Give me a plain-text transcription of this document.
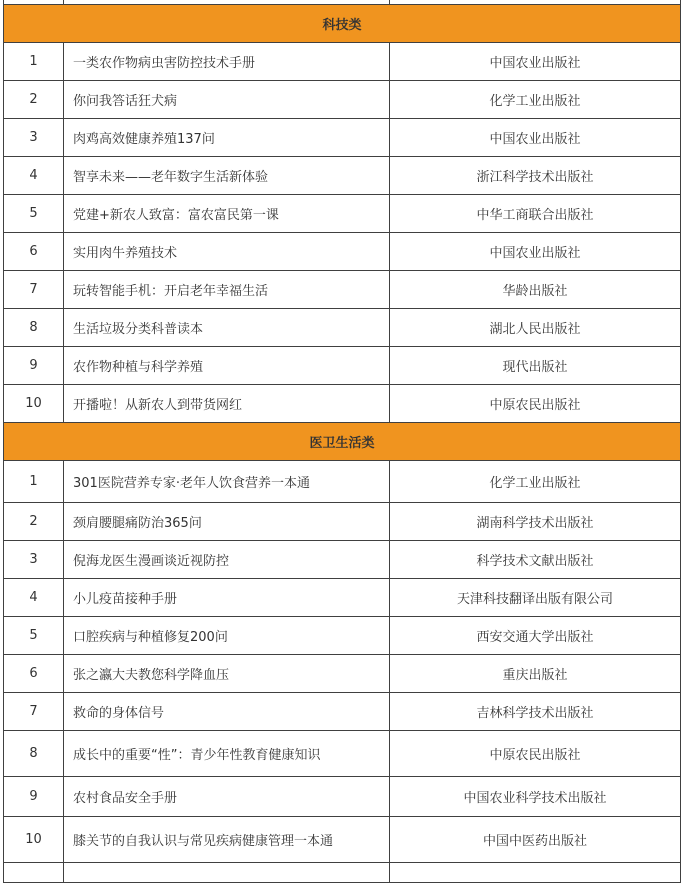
科技类		
1	一类农作物病虫害防控技术手册	中国农业出版社
2	你问我答话狂犬病	化学工业出版社
3	肉鸡高效健康养殖137问	中国农业出版社
4	智享未来——老年数字生活新体验	浙江科学技术出版社
5	党建+新农人致富：富农富民第一课	中华工商联合出版社
6	实用肉牛养殖技术	中国农业出版社
7	玩转智能手机：开启老年幸福生活	华龄出版社
8	生活垃圾分类科普读本	湖北人民出版社
9	农作物种植与科学养殖	现代出版社
10	开播啦！从新农人到带货网红	中原农民出版社
医卫生活类		
1	301医院营养专家·老年人饮食营养一本通	化学工业出版社
2	颈肩腰腿痛防治365问	湖南科学技术出版社
3	倪海龙医生漫画谈近视防控	科学技术文献出版社
4	小儿疫苗接种手册	天津科技翻译出版有限公司
5	口腔疾病与种植修复200问	西安交通大学出版社
6	张之瀛大夫教您科学降血压	重庆出版社
7	救命的身体信号	吉林科学技术出版社
8	成长中的重要“性”：青少年性教育健康知识	中原农民出版社
9	农村食品安全手册	中国农业科学技术出版社
10	膝关节的自我认识与常见疾病健康管理一本通	中国中医药出版社
